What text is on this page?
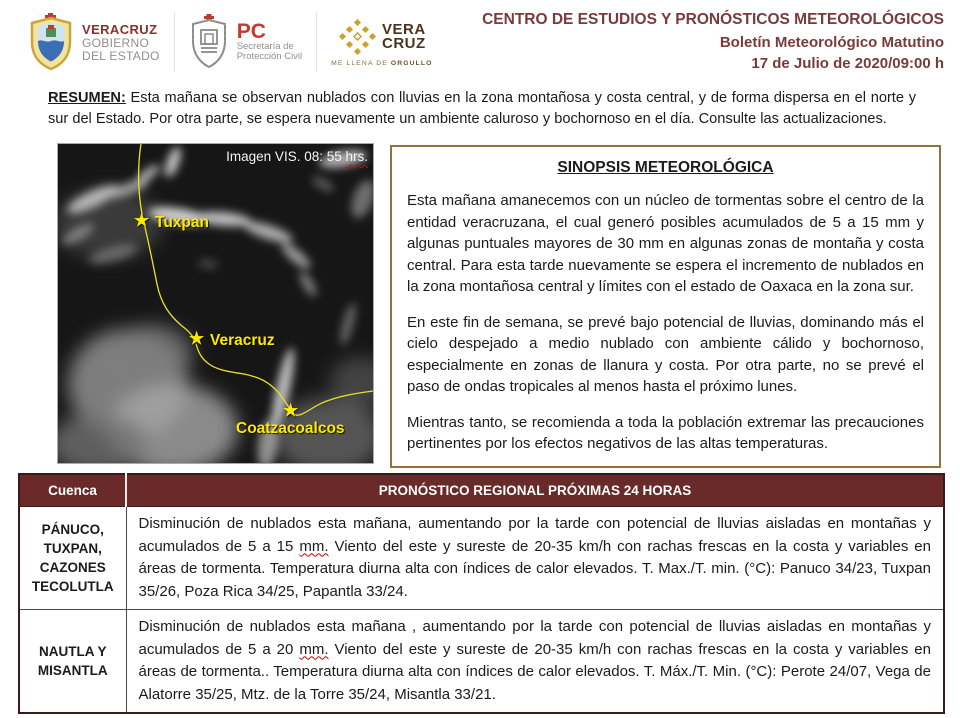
VERACRUZ
GOBIERNO
DEL ESTADO
PC
Secretaría de
Protección Civil
VERA
CRUZ
ME LLENA DE ORGULLO
CENTRO DE ESTUDIOS Y PRONÓSTICOS METEOROLÓGICOS
Boletín Meteorológico Matutino
17 de Julio de 2020/09:00 h

RESUMEN: Esta mañana se observan nublados con lluvias en la zona montañosa y costa central, y de forma dispersa en el norte y sur del Estado. Por otra parte, se espera nuevamente un ambiente caluroso y bochornoso en el día. Consulte las actualizaciones.

Imagen VIS. 08: 55 hrs.
★ Tuxpan
★ Veracruz
★
Coatzacoalcos
SINOPSIS METEOROLÓGICA

Esta mañana amanecemos con un núcleo de tormentas sobre el centro de la entidad veracruzana, el cual generó posibles acumulados de 5 a 15 mm y algunas puntuales mayores de 30 mm en algunas zonas de montaña y costa central. Para esta tarde nuevamente se espera el incremento de nublados en la zona montañosa central y límites con el estado de Oaxaca en la zona sur.

En este fin de semana, se prevé bajo potencial de lluvias, dominando más el cielo despejado a medio nublado con ambiente cálido y bochornoso, especialmente en zonas de llanura y costa. Por otra parte, no se prevé el paso de ondas tropicales al menos hasta el próximo lunes.

Mientras tanto, se recomienda a toda la población extremar las precauciones pertinentes por los efectos negativos de las altas temperaturas.

Cuenca	PRONÓSTICO REGIONAL PRÓXIMAS 24 HORAS
PÁNUCO, TUXPAN, CAZONES TECOLUTLA	Disminución de nublados esta mañana, aumentando por la tarde con potencial de lluvias aisladas en montañas y acumulados de 5 a 15 mm. Viento del este y sureste de 20-35 km/h con rachas frescas en la costa y variables en áreas de tormenta. Temperatura diurna alta con índices de calor elevados. T. Max./T. min. (°C): Panuco 34/23, Tuxpan 35/26, Poza Rica 34/25, Papantla 33/24.
NAUTLA Y MISANTLA	Disminución de nublados esta mañana , aumentando por la tarde con potencial de lluvias aisladas en montañas y acumulados de 5 a 20 mm. Viento del este y sureste de 20-35 km/h con rachas frescas en la costa y variables en áreas de tormenta.. Temperatura diurna alta con índices de calor elevados. T. Máx./T. Min. (°C): Perote 24/07, Vega de Alatorre 35/25, Mtz. de la Torre 35/24, Misantla 33/21.
